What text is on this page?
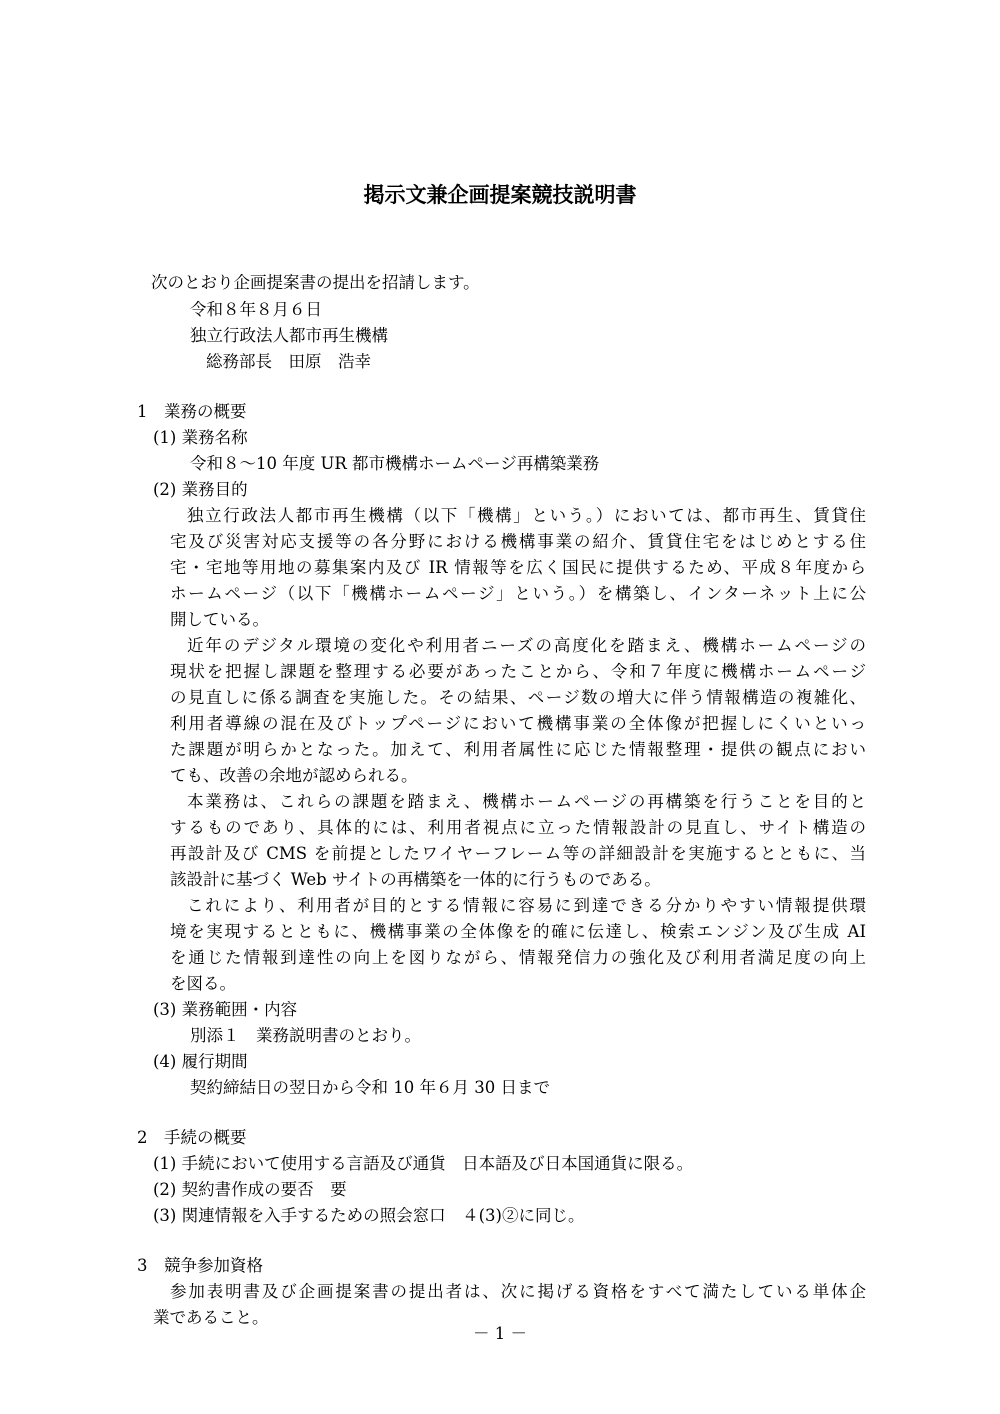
掲示文兼企画提案競技説明書
次のとおり企画提案書の提出を招請します。
令和８年８月６日
独立行政法人都市再生機構
総務部長　田原　浩幸
1　業務の概要
(1) 業務名称
令和８～10 年度 UR 都市機構ホームページ再構築業務
(2) 業務目的
独立行政法人都市再生機構（以下「機構」という。）においては、都市再生、賃貸住
宅及び災害対応支援等の各分野における機構事業の紹介、賃貸住宅をはじめとする住
宅・宅地等用地の募集案内及び IR 情報等を広く国民に提供するため、平成８年度から
ホームページ（以下「機構ホームページ」という。）を構築し、インターネット上に公
開している。
近年のデジタル環境の変化や利用者ニーズの高度化を踏まえ、機構ホームページの
現状を把握し課題を整理する必要があったことから、令和７年度に機構ホームページ
の見直しに係る調査を実施した。その結果、ページ数の増大に伴う情報構造の複雑化、
利用者導線の混在及びトップページにおいて機構事業の全体像が把握しにくいといっ
た課題が明らかとなった。加えて、利用者属性に応じた情報整理・提供の観点におい
ても、改善の余地が認められる。
本業務は、これらの課題を踏まえ、機構ホームページの再構築を行うことを目的と
するものであり、具体的には、利用者視点に立った情報設計の見直し、サイト構造の
再設計及び CMS を前提としたワイヤーフレーム等の詳細設計を実施するとともに、当
該設計に基づく Web サイトの再構築を一体的に行うものである。
これにより、利用者が目的とする情報に容易に到達できる分かりやすい情報提供環
境を実現するとともに、機構事業の全体像を的確に伝達し、検索エンジン及び生成 AI
を通じた情報到達性の向上を図りながら、情報発信力の強化及び利用者満足度の向上
を図る。
(3) 業務範囲・内容
別添１　業務説明書のとおり。
(4) 履行期間
契約締結日の翌日から令和 10 年６月 30 日まで
2　手続の概要
(1) 手続において使用する言語及び通貨　日本語及び日本国通貨に限る。
(2) 契約書作成の要否　要
(3) 関連情報を入手するための照会窓口　４(3)②に同じ。
3　競争参加資格
参加表明書及び企画提案書の提出者は、次に掲げる資格をすべて満たしている単体企
業であること。
－ 1 －
